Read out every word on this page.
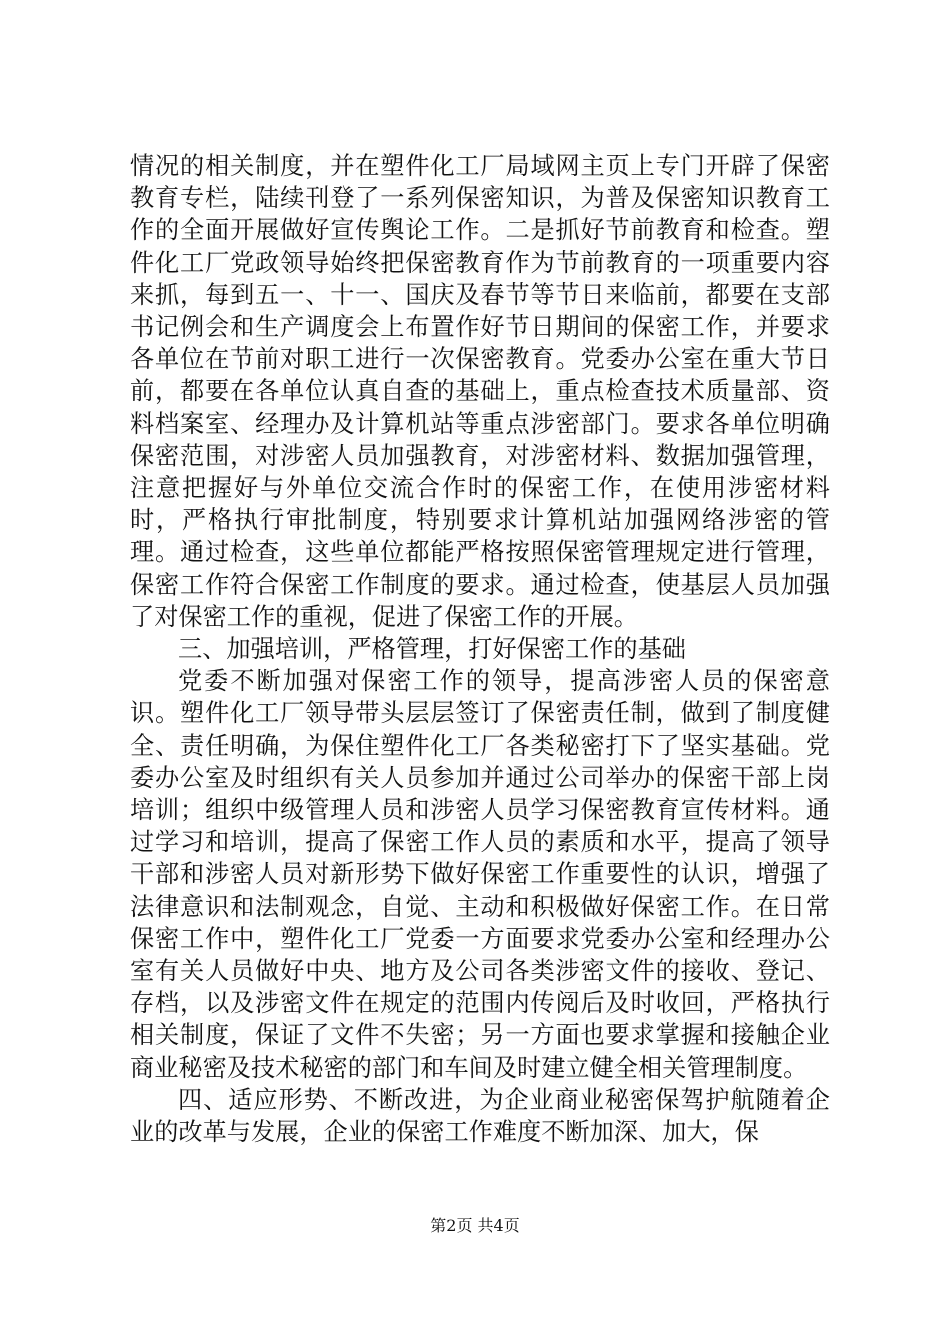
情况的相关制度，并在塑件化工厂局域网主页上专门开辟了保密教育专栏，陆续刊登了一系列保密知识，为普及保密知识教育工作的全面开展做好宣传舆论工作。二是抓好节前教育和检查。塑件化工厂党政领导始终把保密教育作为节前教育的一项重要内容来抓，每到五一、十一、国庆及春节等节日来临前，都要在支部书记例会和生产调度会上布置作好节日期间的保密工作，并要求各单位在节前对职工进行一次保密教育。党委办公室在重大节日前，都要在各单位认真自查的基础上，重点检查技术质量部、资料档案室、经理办及计算机站等重点涉密部门。要求各单位明确保密范围，对涉密人员加强教育，对涉密材料、数据加强管理，注意把握好与外单位交流合作时的保密工作，在使用涉密材料时，严格执行审批制度，特别要求计算机站加强网络涉密的管理。通过检查，这些单位都能严格按照保密管理规定进行管理，保密工作符合保密工作制度的要求。通过检查，使基层人员加强了对保密工作的重视，促进了保密工作的开展。

三、加强培训，严格管理，打好保密工作的基础

党委不断加强对保密工作的领导，提高涉密人员的保密意识。塑件化工厂领导带头层层签订了保密责任制，做到了制度健全、责任明确，为保住塑件化工厂各类秘密打下了坚实基础。党委办公室及时组织有关人员参加并通过公司举办的保密干部上岗培训；组织中级管理人员和涉密人员学习保密教育宣传材料。通过学习和培训，提高了保密工作人员的素质和水平，提高了领导干部和涉密人员对新形势下做好保密工作重要性的认识，增强了法律意识和法制观念，自觉、主动和积极做好保密工作。在日常保密工作中，塑件化工厂党委一方面要求党委办公室和经理办公室有关人员做好中央、地方及公司各类涉密文件的接收、登记、存档，以及涉密文件在规定的范围内传阅后及时收回，严格执行相关制度，保证了文件不失密；另一方面也要求掌握和接触企业商业秘密及技术秘密的部门和车间及时建立健全相关管理制度。

四、适应形势、不断改进，为企业商业秘密保驾护航随着企业的改革与发展，企业的保密工作难度不断加深、加大，保

第2页 共4页
